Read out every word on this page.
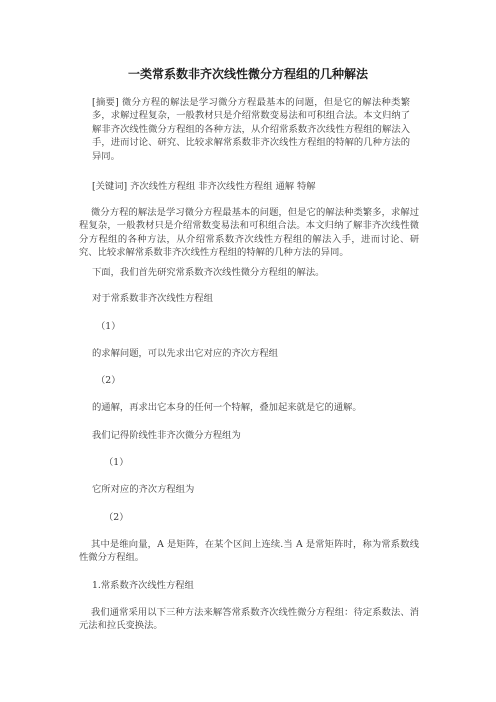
一类常系数非齐次线性微分方程组的几种解法
[摘要] 微分方程的解法是学习微分方程最基本的问题，但是它的解法种类繁多，求解过程复杂，一般教材只是介绍常数变易法和可积组合法。本文归纳了解非齐次线性微分方程组的各种方法，从介绍常系数齐次线性方程组的解法入手，进而讨论、研究、比较求解常系数非齐次线性方程组的特解的几种方法的异同。
[关键词] 齐次线性方程组 非齐次线性方程组 通解 特解
微分方程的解法是学习微分方程最基本的问题，但是它的解法种类繁多，求解过程复杂，一般教材只是介绍常数变易法和可积组合法。本文归纳了解非齐次线性微分方程组的各种方法，从介绍常系数齐次线性方程组的解法入手，进而讨论、研究、比较求解常系数非齐次线性方程组的特解的几种方法的异同。
下面，我们首先研究常系数齐次线性微分方程组的解法。
对于常系数非齐次线性方程组
（1）
的求解问题，可以先求出它对应的齐次方程组
（2）
的通解，再求出它本身的任何一个特解，叠加起来就是它的通解。
我们记得阶线性非齐次微分方程组为
（1）
它所对应的齐次方程组为
（2）
其中是维向量，A 是矩阵，在某个区间上连续.当 A 是常矩阵时，称为常系数线性微分方程组。
1.常系数齐次线性方程组
我们通常采用以下三种方法来解答常系数齐次线性微分方程组：待定系数法、消元法和拉氏变换法。
